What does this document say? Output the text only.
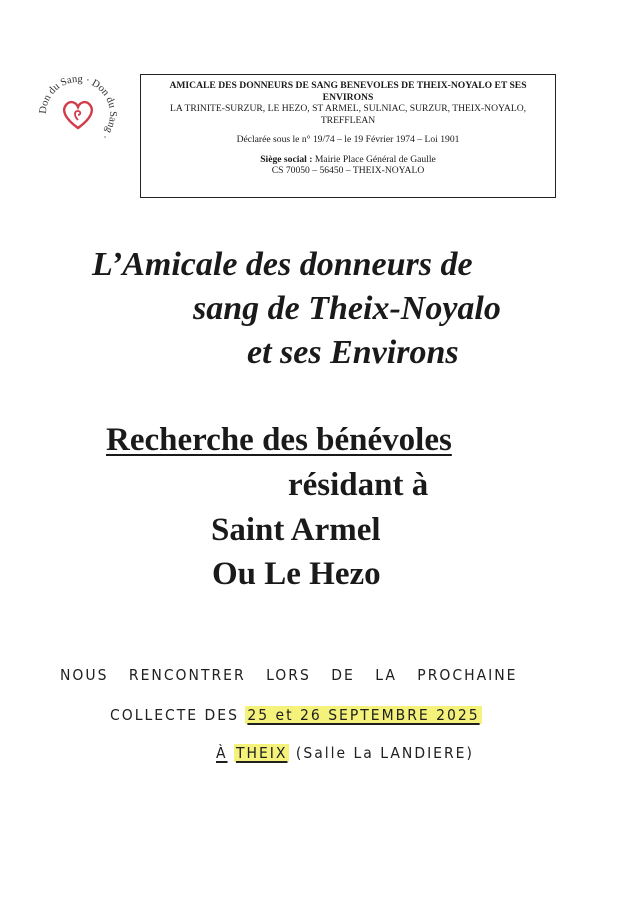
Don du Sang · Don du Sang ·
AMICALE DES DONNEURS DE SANG BENEVOLES DE THEIX-NOYALO ET SES ENVIRONS
LA TRINITE-SURZUR, LE HEZO, ST ARMEL, SULNIAC, SURZUR, THEIX-NOYALO, TREFFLEAN
Déclarée sous le n° 19/74 – le 19 Février 1974 – Loi 1901
Siège social : Mairie Place Général de Gaulle
CS 70050 – 56450 – THEIX-NOYALO
L’Amicale des donneurs de
sang de Theix-Noyalo
et ses Environs
Recherche des bénévoles
résidant à
Saint Armel
Ou Le Hezo
NOUS RENCONTRER LORS DE LA PROCHAINE
COLLECTE DES 25 et 26 SEPTEMBRE 2025
À THEIX (Salle La LANDIERE)
